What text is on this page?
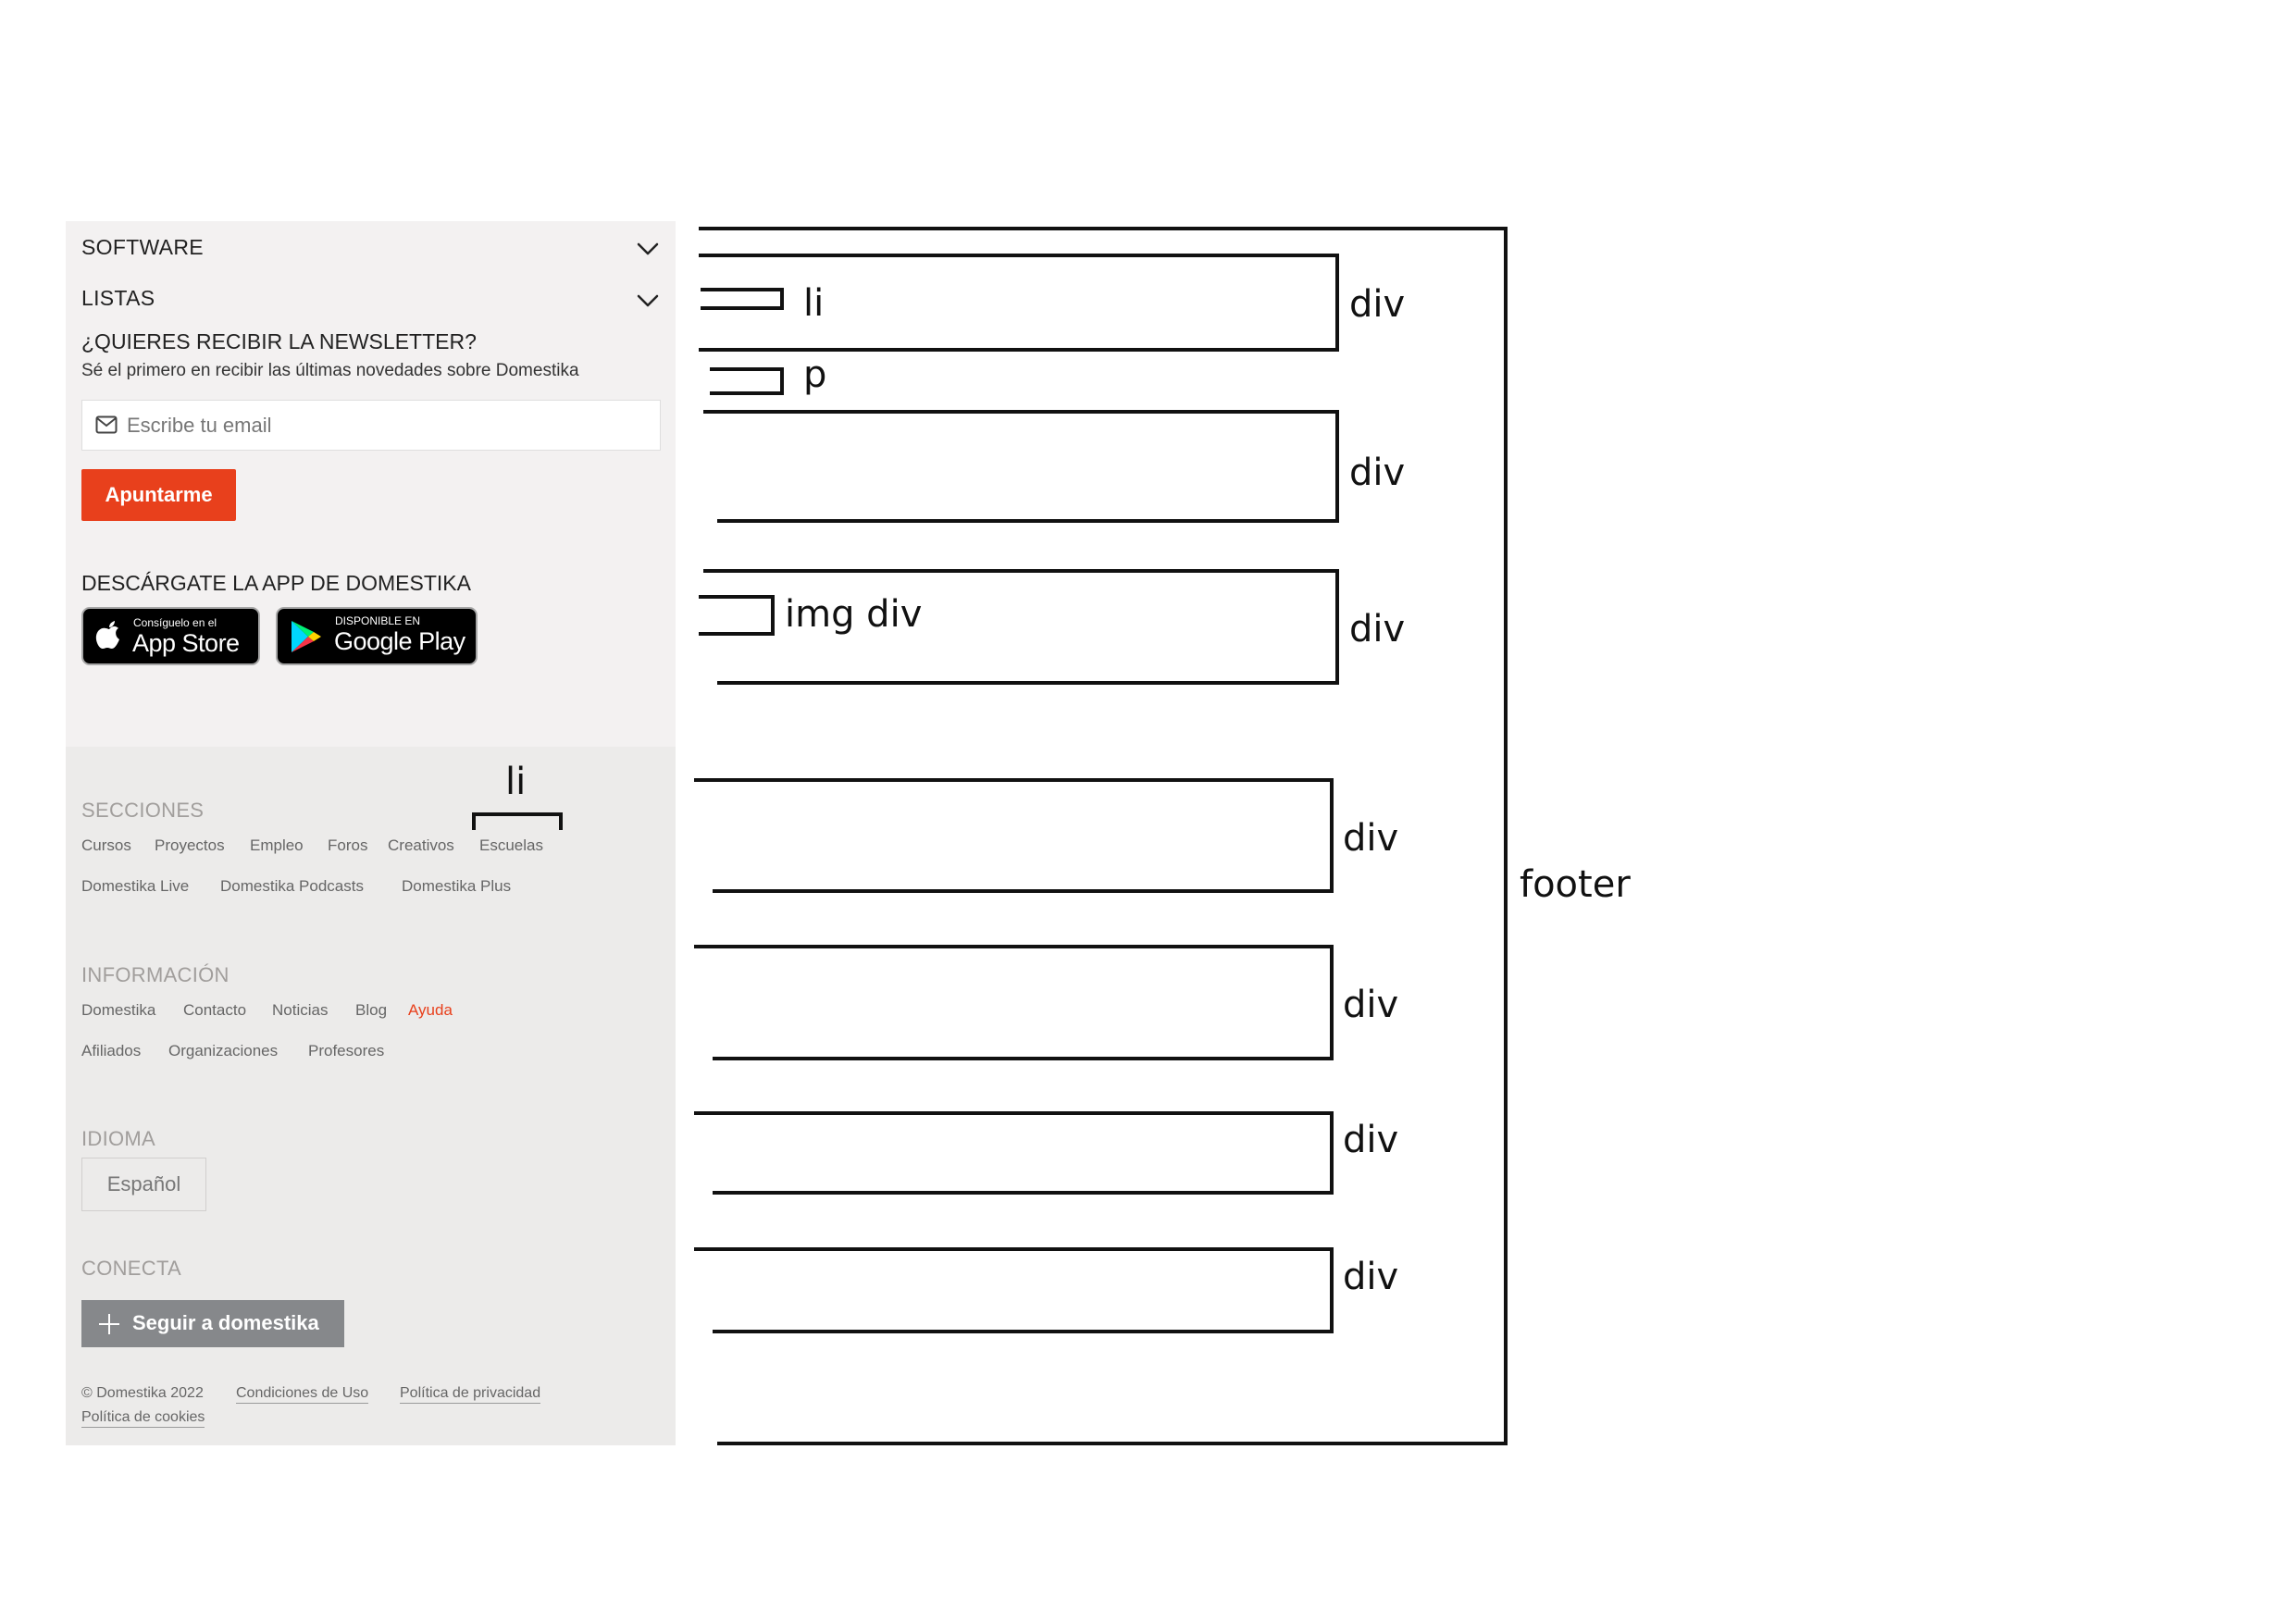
SOFTWARE
LISTAS
¿QUIERES RECIBIR LA NEWSLETTER?
Sé el primero en recibir las últimas novedades sobre Domestika
Escribe tu email
Apuntarme
DESCÁRGATE LA APP DE DOMESTIKA
Consíguelo en el
App Store
DISPONIBLE EN
Google Play
SECCIONES
Cursos Proyectos Empleo Foros Creativos Escuelas
Domestika Live Domestika Podcasts Domestika Plus
INFORMACIÓN
Domestika Contacto Noticias Blog Ayuda
Afiliados Organizaciones Profesores
IDIOMA
Español
CONECTA
Seguir a domestika
© Domestika 2022 Condiciones de Uso Política de privacidad
Política de cookies
li	div
p
div
img div	div
li
div
footer
div
div
div
